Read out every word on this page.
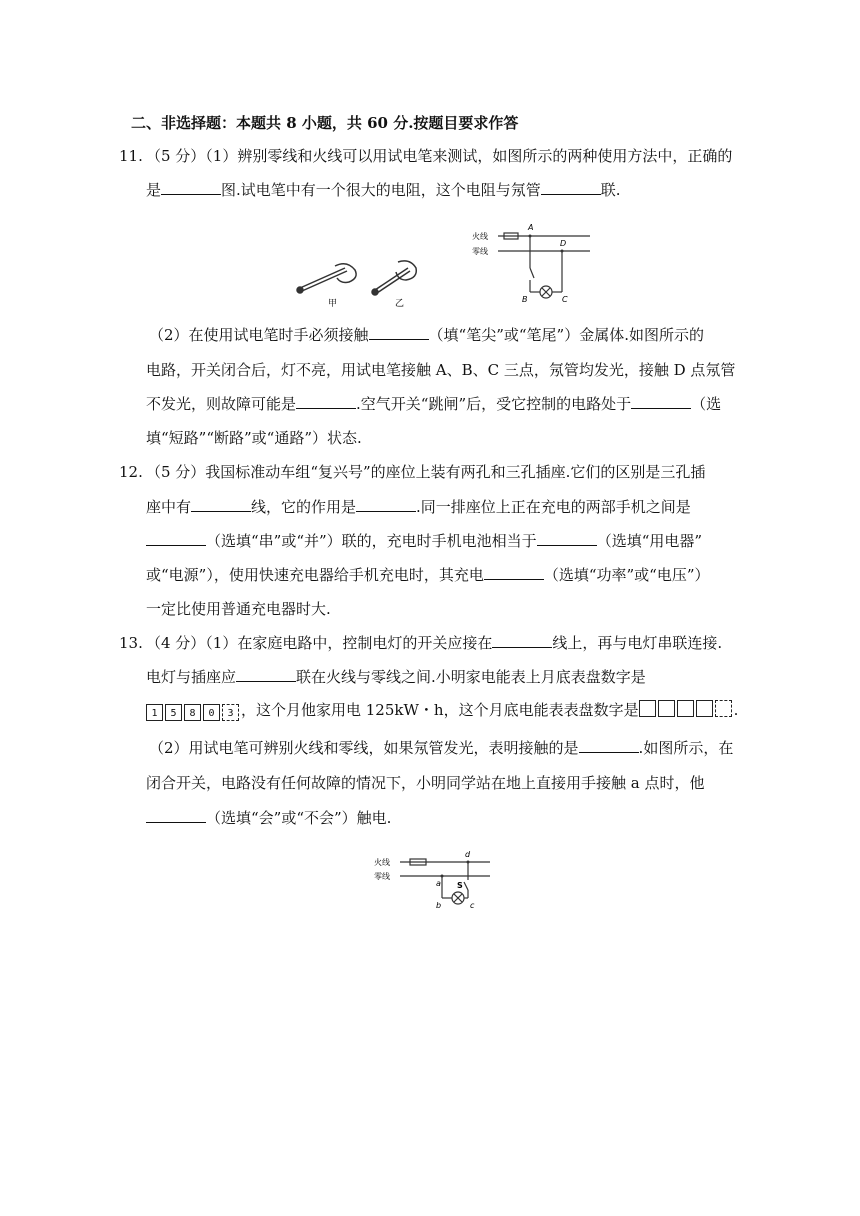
二、非选择题：本题共 8 小题，共 60 分.按题目要求作答
11. （5 分）（1）辨别零线和火线可以用试电笔来测试，如图所示的两种使用方法中，正确的
是	图.试电笔中有一个很大的电阻，这个电阻与氖管	联.
甲	乙
火线
零线
A
D
B	C
（2）在使用试电笔时手必须接触	（填“笔尖”或“笔尾”）金属体.如图所示的
电路，开关闭合后，灯不亮，用试电笔接触 A、B、C 三点，氖管均发光，接触 D 点氖管
不发光，则故障可能是	.空气开关“跳闸”后，受它控制的电路处于	（选
填“短路”“断路”或“通路”）状态.
12. （5 分）我国标准动车组“复兴号”的座位上装有两孔和三孔插座.它们的区别是三孔插
座中有	线，它的作用是	.同一排座位上正在充电的两部手机之间是
（选填“串”或“并”）联的，充电时手机电池相当于	（选填“用电器”
或“电源”），使用快速充电器给手机充电时，其充电	（选填“功率”或“电压”）
一定比使用普通充电器时大.
13. （4 分）（1）在家庭电路中，控制电灯的开关应接在	线上，再与电灯串联连接.
电灯与插座应	联在火线与零线之间.小明家电能表上月底表盘数字是
1 5 8 0 3 ，这个月他家用电 125kW・h，这个月底电能表表盘数字是	.
（2）用试电笔可辨别火线和零线，如果氖管发光，表明接触的是	.如图所示，在
闭合开关，电路没有任何故障的情况下，小明同学站在地上直接用手接触 a 点时，他
（选填“会”或“不会”）触电.
火线
零线
d
a
b	c
S
